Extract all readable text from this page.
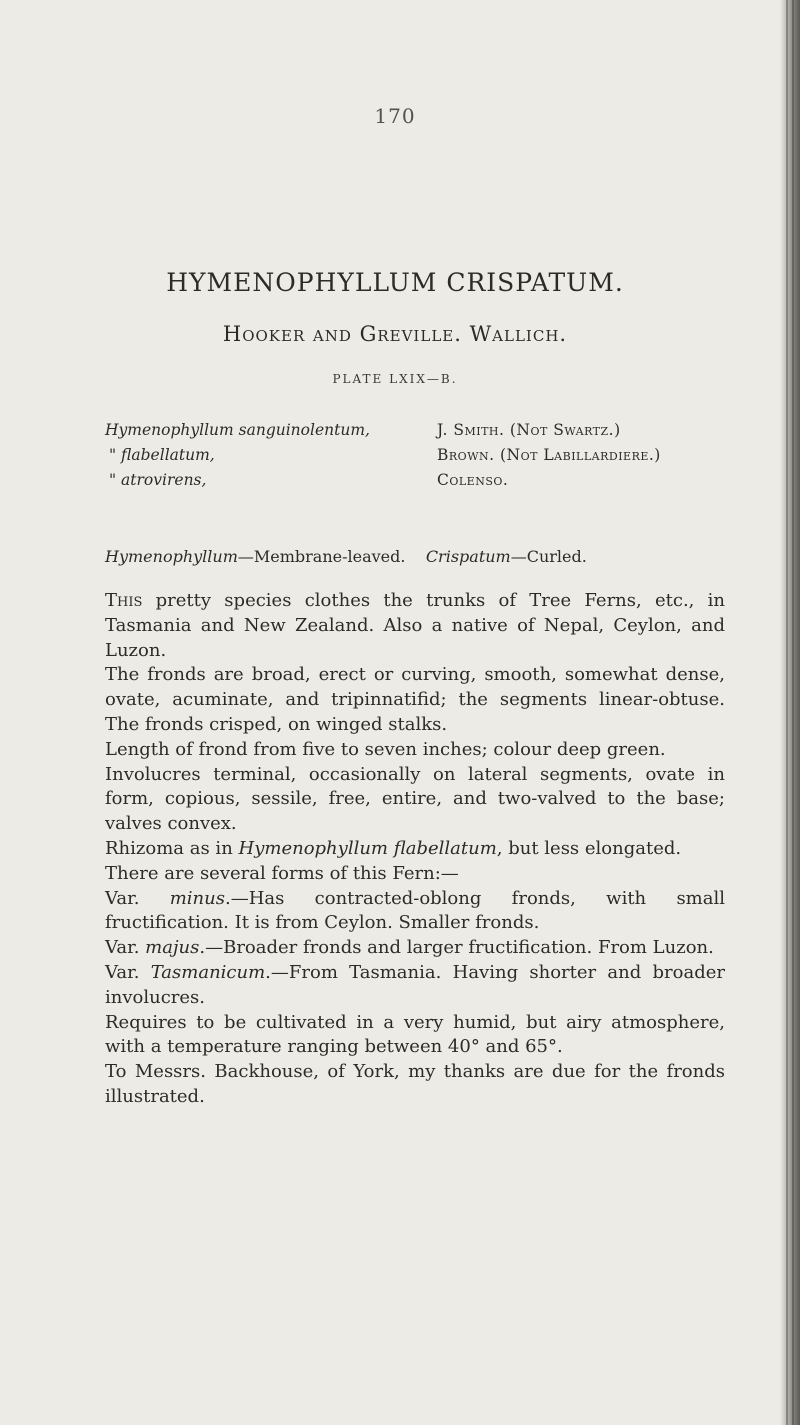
170
HYMENOPHYLLUM CRISPATUM.
Hooker and Greville. Wallich.
PLATE LXIX—B.
Hymenophyllum sanguinolentum,
" flabellatum,
" atrovirens,
J. Smith. (Not Swartz.)
Brown. (Not Labillardiere.)
Colenso.
Hymenophyllum—Membrane-leaved. Crispatum—Curled.

This pretty species clothes the trunks of Tree Ferns, etc., in Tasmania and New Zealand. Also a native of Nepal, Ceylon, and Luzon.

The fronds are broad, erect or curving, smooth, somewhat dense, ovate, acuminate, and tripinnatifid; the segments linear-obtuse. The fronds crisped, on winged stalks.

Length of frond from five to seven inches; colour deep green.

Involucres terminal, occasionally on lateral segments, ovate in form, copious, sessile, free, entire, and two-valved to the base; valves convex.

Rhizoma as in Hymenophyllum flabellatum, but less elongated.

There are several forms of this Fern:—

Var. minus.—Has contracted-oblong fronds, with small fructification. It is from Ceylon. Smaller fronds.

Var. majus.—Broader fronds and larger fructification. From Luzon.

Var. Tasmanicum.—From Tasmania. Having shorter and broader involucres.

Requires to be cultivated in a very humid, but airy atmosphere, with a temperature ranging between 40° and 65°.

To Messrs. Backhouse, of York, my thanks are due for the fronds illustrated.
